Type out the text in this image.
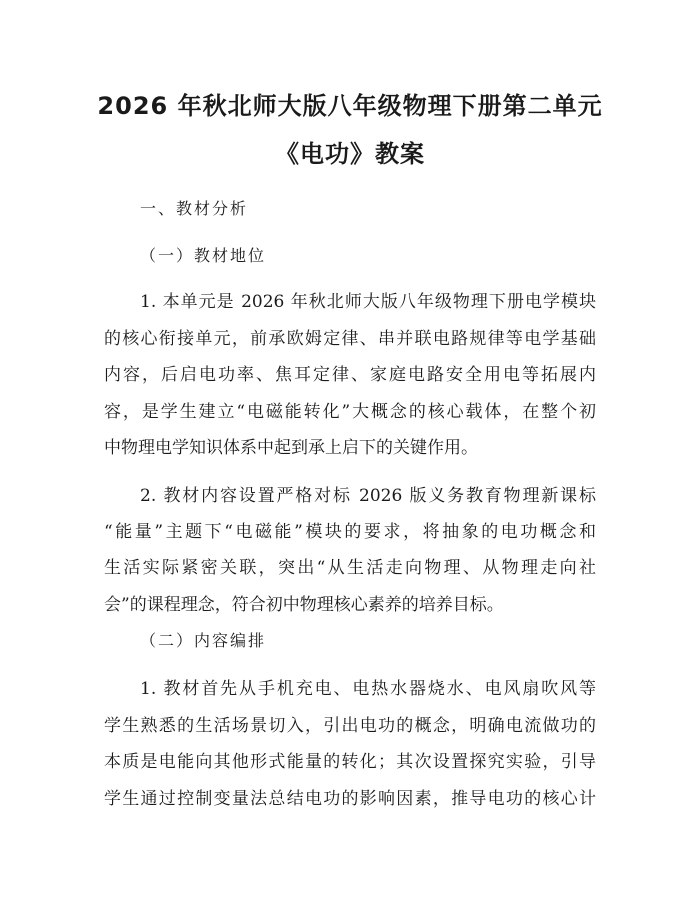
2026 年秋北师大版八年级物理下册第二单元
《电功》教案
一、教材分析
（一）教材地位
1. 本单元是 2026 年秋北师大版八年级物理下册电学模块
的核心衔接单元，前承欧姆定律、串并联电路规律等电学基础
内容，后启电功率、焦耳定律、家庭电路安全用电等拓展内
容，是学生建立“电磁能转化”大概念的核心载体，在整个初
中物理电学知识体系中起到承上启下的关键作用。
2. 教材内容设置严格对标 2026 版义务教育物理新课标
“能量”主题下“电磁能”模块的要求，将抽象的电功概念和
生活实际紧密关联，突出“从生活走向物理、从物理走向社
会”的课程理念，符合初中物理核心素养的培养目标。
（二）内容编排
1. 教材首先从手机充电、电热水器烧水、电风扇吹风等
学生熟悉的生活场景切入，引出电功的概念，明确电流做功的
本质是电能向其他形式能量的转化；其次设置探究实验，引导
学生通过控制变量法总结电功的影响因素，推导电功的核心计
